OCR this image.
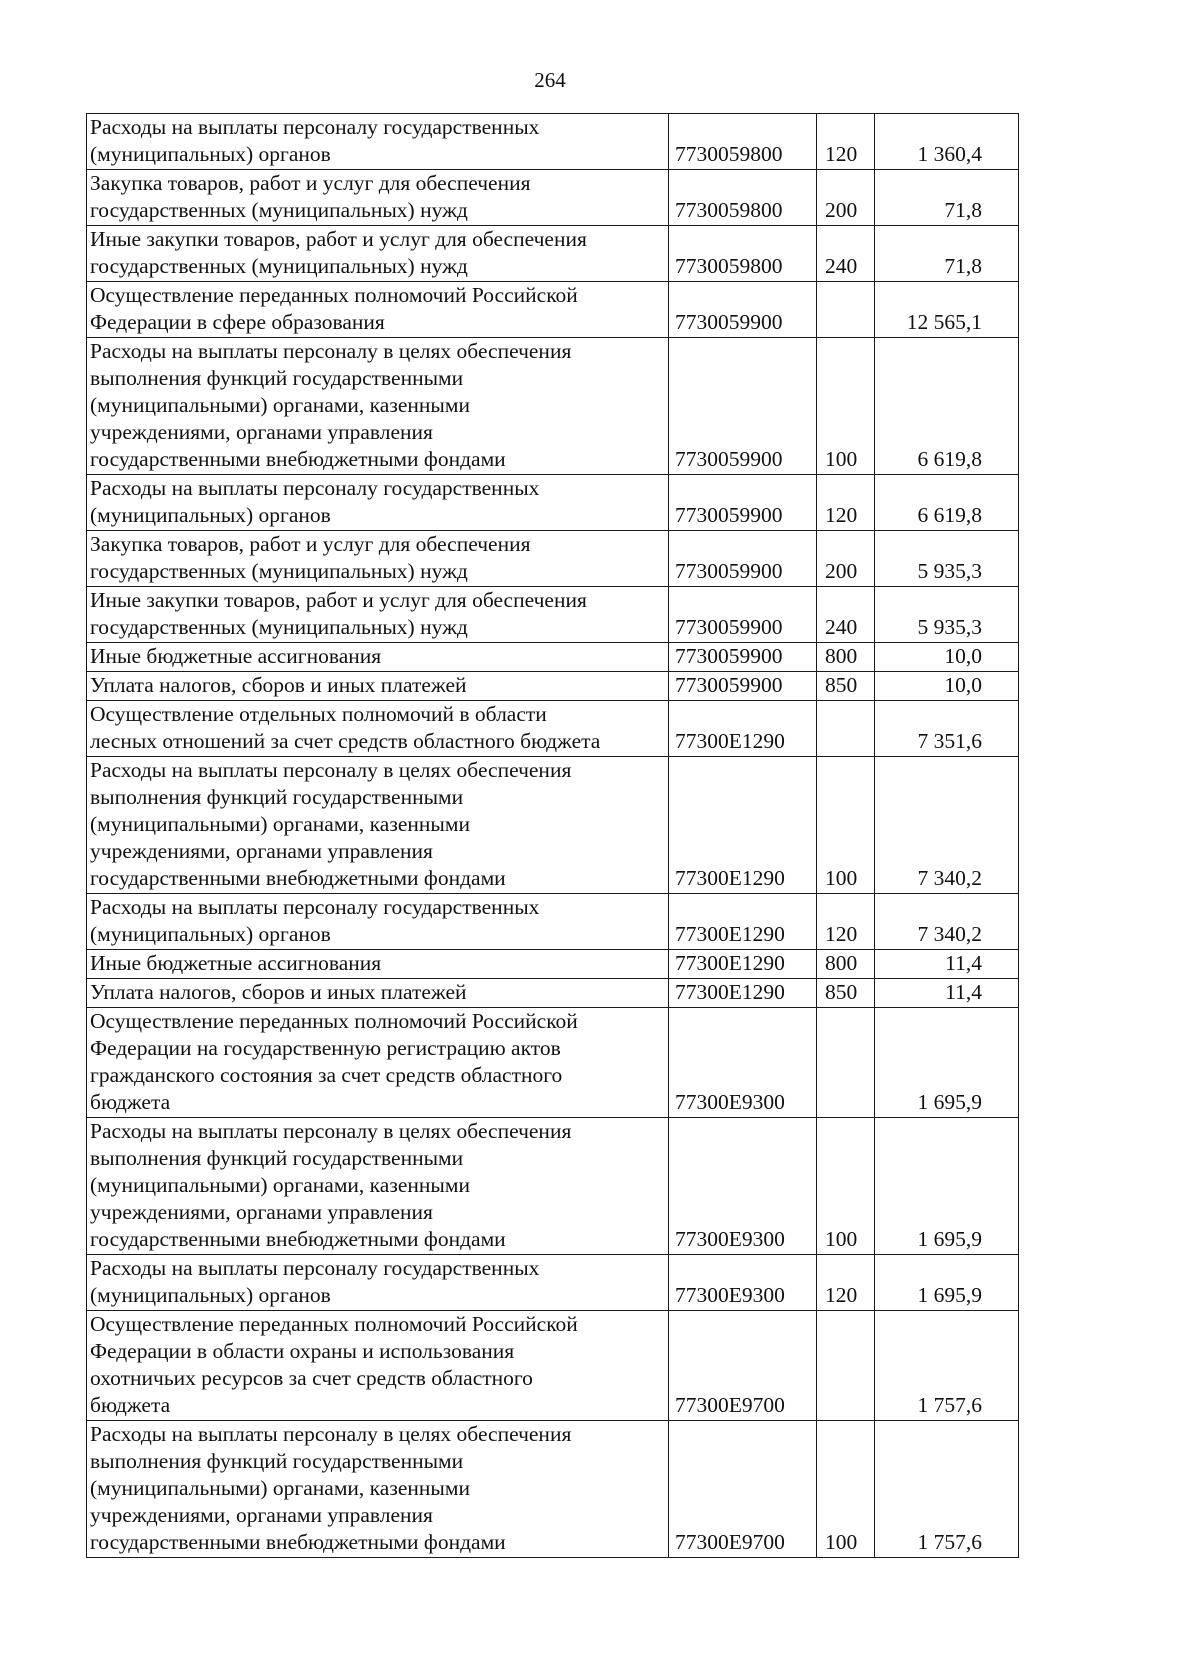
264
Расходы на выплаты персоналу государственных
(муниципальных) органов	7730059800	120	1 360,4

Закупка товаров, работ и услуг для обеспечения
государственных (муниципальных) нужд	7730059800	200	71,8

Иные закупки товаров, работ и услуг для обеспечения
государственных (муниципальных) нужд	7730059800	240	71,8

Осуществление переданных полномочий Российской
Федерации в сфере образования	7730059900		12 565,1

Расходы на выплаты персоналу в целях обеспечения
выполнения функций государственными
(муниципальными) органами, казенными
учреждениями, органами управления
государственными внебюджетными фондами	7730059900	100	6 619,8

Расходы на выплаты персоналу государственных
(муниципальных) органов	7730059900	120	6 619,8

Закупка товаров, работ и услуг для обеспечения
государственных (муниципальных) нужд	7730059900	200	5 935,3

Иные закупки товаров, работ и услуг для обеспечения
государственных (муниципальных) нужд	7730059900	240	5 935,3

Иные бюджетные ассигнования	7730059900	800	10,0

Уплата налогов, сборов и иных платежей	7730059900	850	10,0

Осуществление отдельных полномочий в области
лесных отношений за счет средств областного бюджета	77300E1290		7 351,6

Расходы на выплаты персоналу в целях обеспечения
выполнения функций государственными
(муниципальными) органами, казенными
учреждениями, органами управления
государственными внебюджетными фондами	77300E1290	100	7 340,2

Расходы на выплаты персоналу государственных
(муниципальных) органов	77300E1290	120	7 340,2

Иные бюджетные ассигнования	77300E1290	800	11,4

Уплата налогов, сборов и иных платежей	77300E1290	850	11,4

Осуществление переданных полномочий Российской
Федерации на государственную регистрацию актов
гражданского состояния за счет средств областного
бюджета	77300E9300		1 695,9

Расходы на выплаты персоналу в целях обеспечения
выполнения функций государственными
(муниципальными) органами, казенными
учреждениями, органами управления
государственными внебюджетными фондами	77300E9300	100	1 695,9

Расходы на выплаты персоналу государственных
(муниципальных) органов	77300E9300	120	1 695,9

Осуществление переданных полномочий Российской
Федерации в области охраны и использования
охотничьих ресурсов за счет средств областного
бюджета	77300E9700		1 757,6

Расходы на выплаты персоналу в целях обеспечения
выполнения функций государственными
(муниципальными) органами, казенными
учреждениями, органами управления
государственными внебюджетными фондами	77300E9700	100	1 757,6
